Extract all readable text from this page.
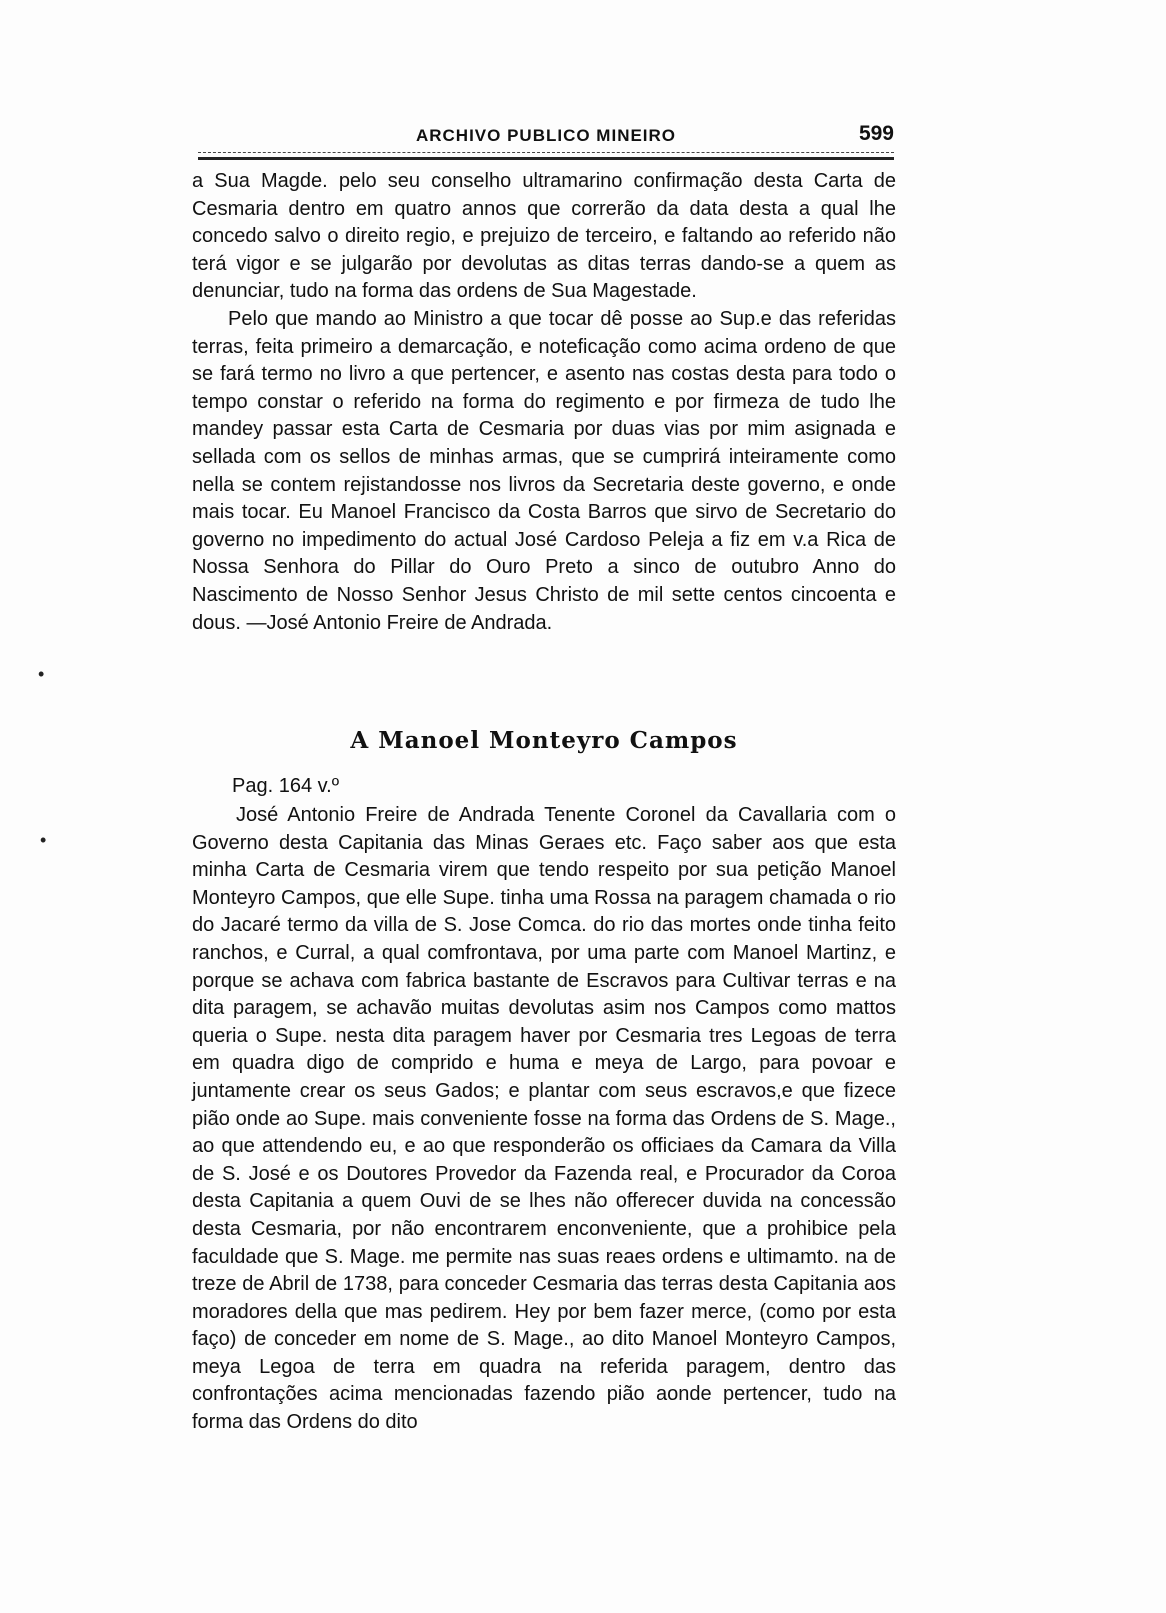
ARCHIVO PUBLICO MINEIRO	599

a Sua Magde. pelo seu conselho ultramarino confirmação desta Carta de Cesmaria dentro em quatro annos que correrão da data desta a qual lhe concedo salvo o direito regio, e prejuizo de terceiro, e faltando ao referido não terá vigor e se julgarão por devolutas as ditas terras dando-se a quem as denunciar, tudo na forma das ordens de Sua Magestade.

Pelo que mando ao Ministro a que tocar dê posse ao Sup.e das referidas terras, feita primeiro a demarcação, e noteficação como acima ordeno de que se fará termo no livro a que pertencer, e asento nas costas desta para todo o tempo constar o referido na forma do regimento e por firmeza de tudo lhe mandey passar esta Carta de Cesmaria por duas vias por mim asignada e sellada com os sellos de minhas armas, que se cumprirá inteiramente como nella se contem rejistandosse nos livros da Secretaria deste governo, e onde mais tocar. Eu Manoel Francisco da Costa Barros que sirvo de Secretario do governo no impedimento do actual José Cardoso Peleja a fiz em v.a Rica de Nossa Senhora do Pillar do Ouro Preto a sinco de outubro Anno do Nascimento de Nosso Senhor Jesus Christo de mil sette centos cincoenta e dous. —José Antonio Freire de Andrada.

A Manoel Monteyro Campos
Pag. 164 v.º

José Antonio Freire de Andrada Tenente Coronel da Cavallaria com o Governo desta Capitania das Minas Geraes etc. Faço saber aos que esta minha Carta de Cesmaria virem que tendo respeito por sua petição Manoel Monteyro Campos, que elle Supe. tinha uma Rossa na paragem chamada o rio do Jacaré termo da villa de S. Jose Comca. do rio das mortes onde tinha feito ranchos, e Curral, a qual comfrontava, por uma parte com Manoel Martinz, e porque se achava com fabrica bastante de Escravos para Cultivar terras e na dita paragem, se achavão muitas devolutas asim nos Campos como mattos queria o Supe. nesta dita paragem haver por Cesmaria tres Legoas de terra em quadra digo de comprido e huma e meya de Largo, para povoar e juntamente crear os seus Gados; e plantar com seus escravos,e que fizece pião onde ao Supe. mais conveniente fosse na forma das Ordens de S. Mage., ao que attendendo eu, e ao que responderão os officiaes da Camara da Villa de S. José e os Doutores Provedor da Fazenda real, e Procurador da Coroa desta Capitania a quem Ouvi de se lhes não offerecer duvida na concessão desta Cesmaria, por não encontrarem enconveniente, que a prohibice pela faculdade que S. Mage. me permite nas suas reaes ordens e ultimamto. na de treze de Abril de 1738, para conceder Cesmaria das terras desta Capitania aos moradores della que mas pedirem. Hey por bem fazer merce, (como por esta faço) de conceder em nome de S. Mage., ao dito Manoel Monteyro Campos, meya Legoa de terra em quadra na referida paragem, dentro das confrontações acima mencionadas fazendo pião aonde pertencer, tudo na forma das Ordens do dito

•
•
